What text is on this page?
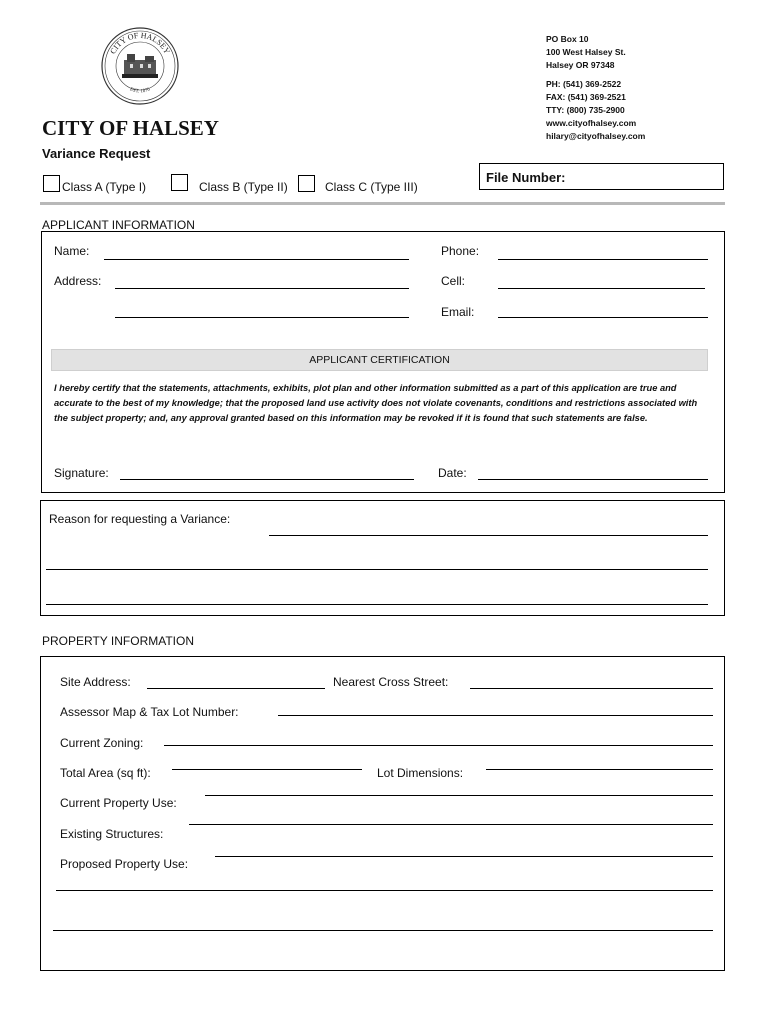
CITY OF HALSEY
EST. 1876
PO Box 10
100 West Halsey St.
Halsey OR 97348
PH: (541) 369-2522
FAX: (541) 369-2521
TTY: (800) 735-2900
www.cityofhalsey.com
hilary@cityofhalsey.com
CITY OF HALSEY
Variance Request
Class A (Type I)	Class B (Type II)	Class C (Type III)
File Number:
APPLICANT INFORMATION
Name:	Phone:
Address:	Cell:
Email:
APPLICANT CERTIFICATION
I hereby certify that the statements, attachments, exhibits, plot plan and other information submitted as a part of this application are true and accurate to the best of my knowledge; that the proposed land use activity does not violate covenants, conditions and restrictions associated with the subject property; and, any approval granted based on this information may be revoked if it is found that such statements are false.
Signature:	Date:
Reason for requesting a Variance:
PROPERTY INFORMATION
Site Address:	Nearest Cross Street:
Assessor Map & Tax Lot Number:
Current Zoning:
Total Area (sq ft):	Lot Dimensions:
Current Property Use:
Existing Structures:
Proposed Property Use:
